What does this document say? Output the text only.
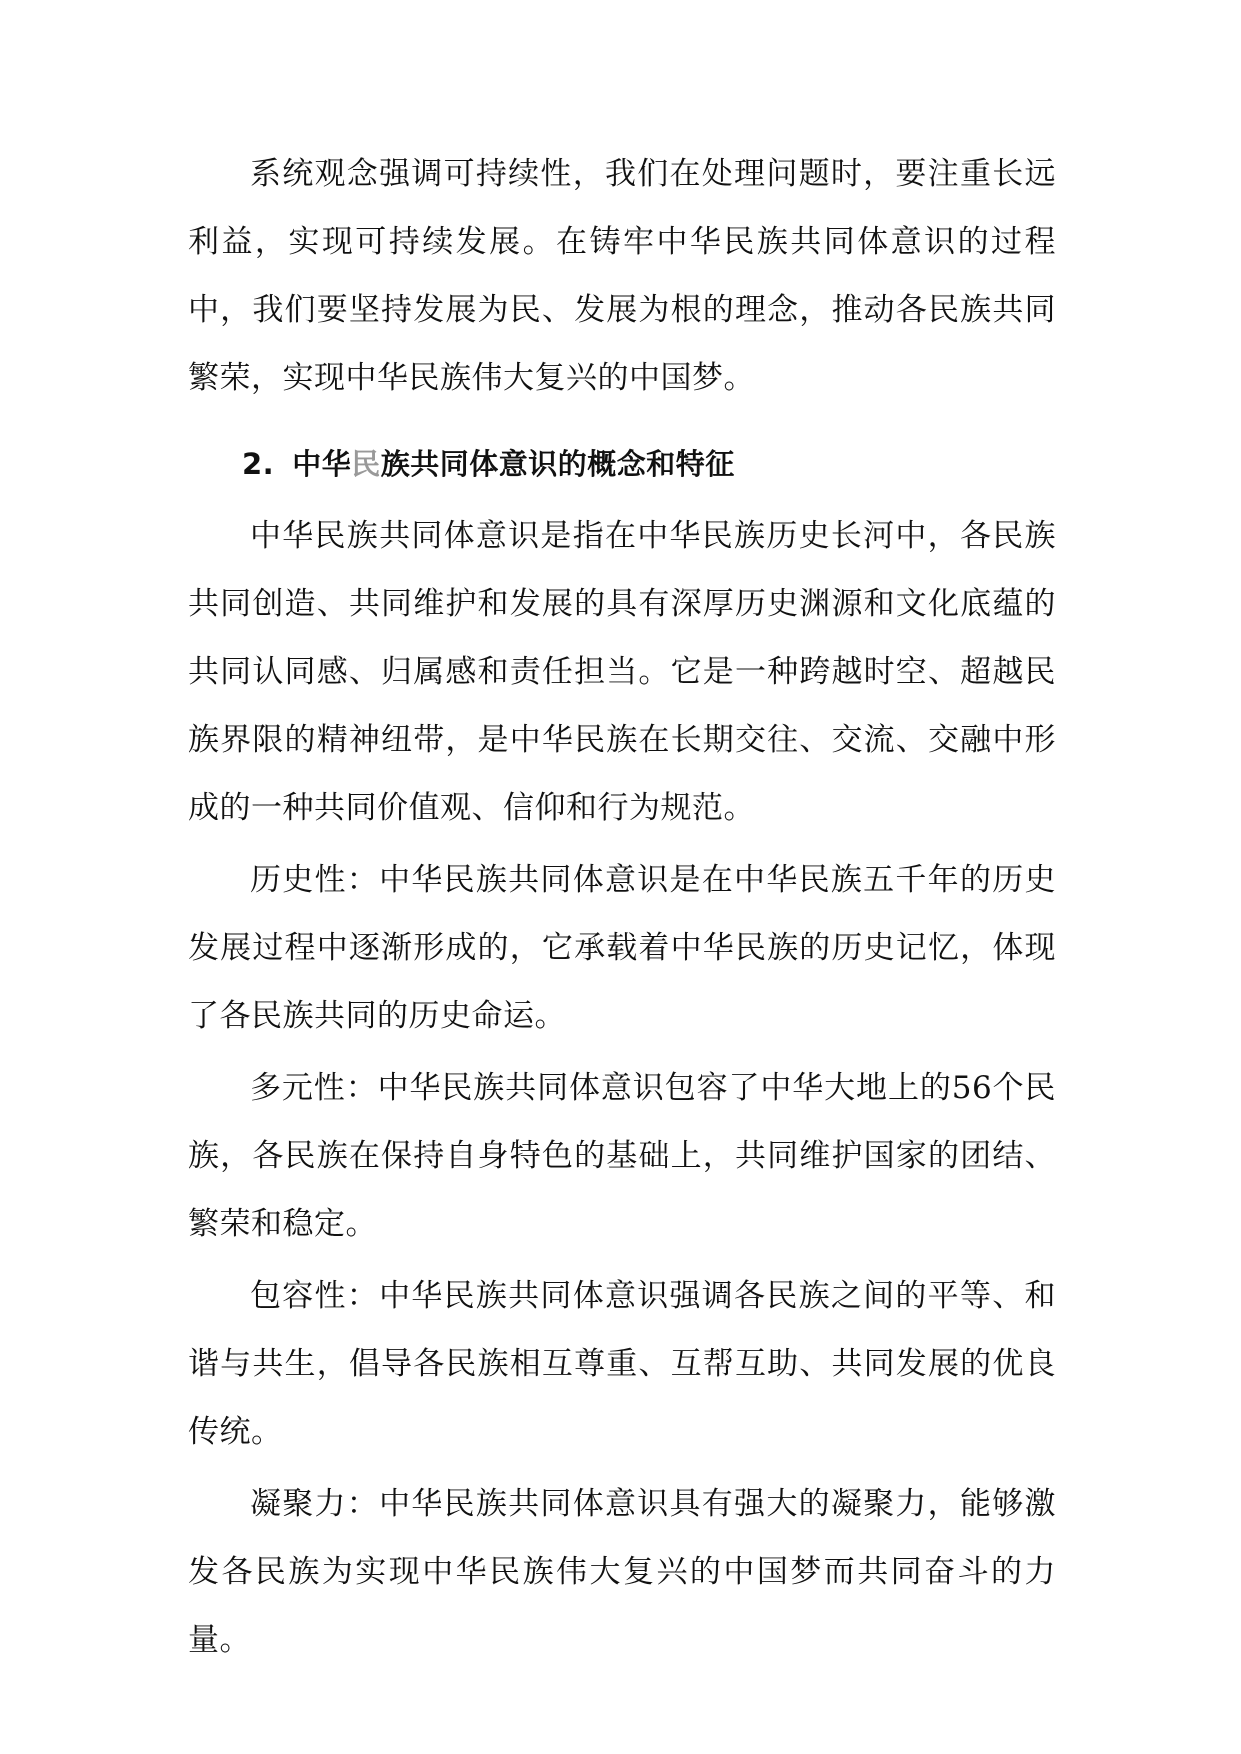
系统观念强调可持续性，我们在处理问题时，要注重长远利益，实现可持续发展。在铸牢中华民族共同体意识的过程中，我们要坚持发展为民、发展为根的理念，推动各民族共同繁荣，实现中华民族伟大复兴的中国梦。

2. 中华民族共同体意识的概念和特征

中华民族共同体意识是指在中华民族历史长河中，各民族共同创造、共同维护和发展的具有深厚历史渊源和文化底蕴的共同认同感、归属感和责任担当。它是一种跨越时空、超越民族界限的精神纽带，是中华民族在长期交往、交流、交融中形成的一种共同价值观、信仰和行为规范。

历史性：中华民族共同体意识是在中华民族五千年的历史发展过程中逐渐形成的，它承载着中华民族的历史记忆，体现了各民族共同的历史命运。

多元性：中华民族共同体意识包容了中华大地上的56个民族，各民族在保持自身特色的基础上，共同维护国家的团结、繁荣和稳定。

包容性：中华民族共同体意识强调各民族之间的平等、和谐与共生，倡导各民族相互尊重、互帮互助、共同发展的优良传统。

凝聚力：中华民族共同体意识具有强大的凝聚力，能够激发各民族为实现中华民族伟大复兴的中国梦而共同奋斗的力量。
